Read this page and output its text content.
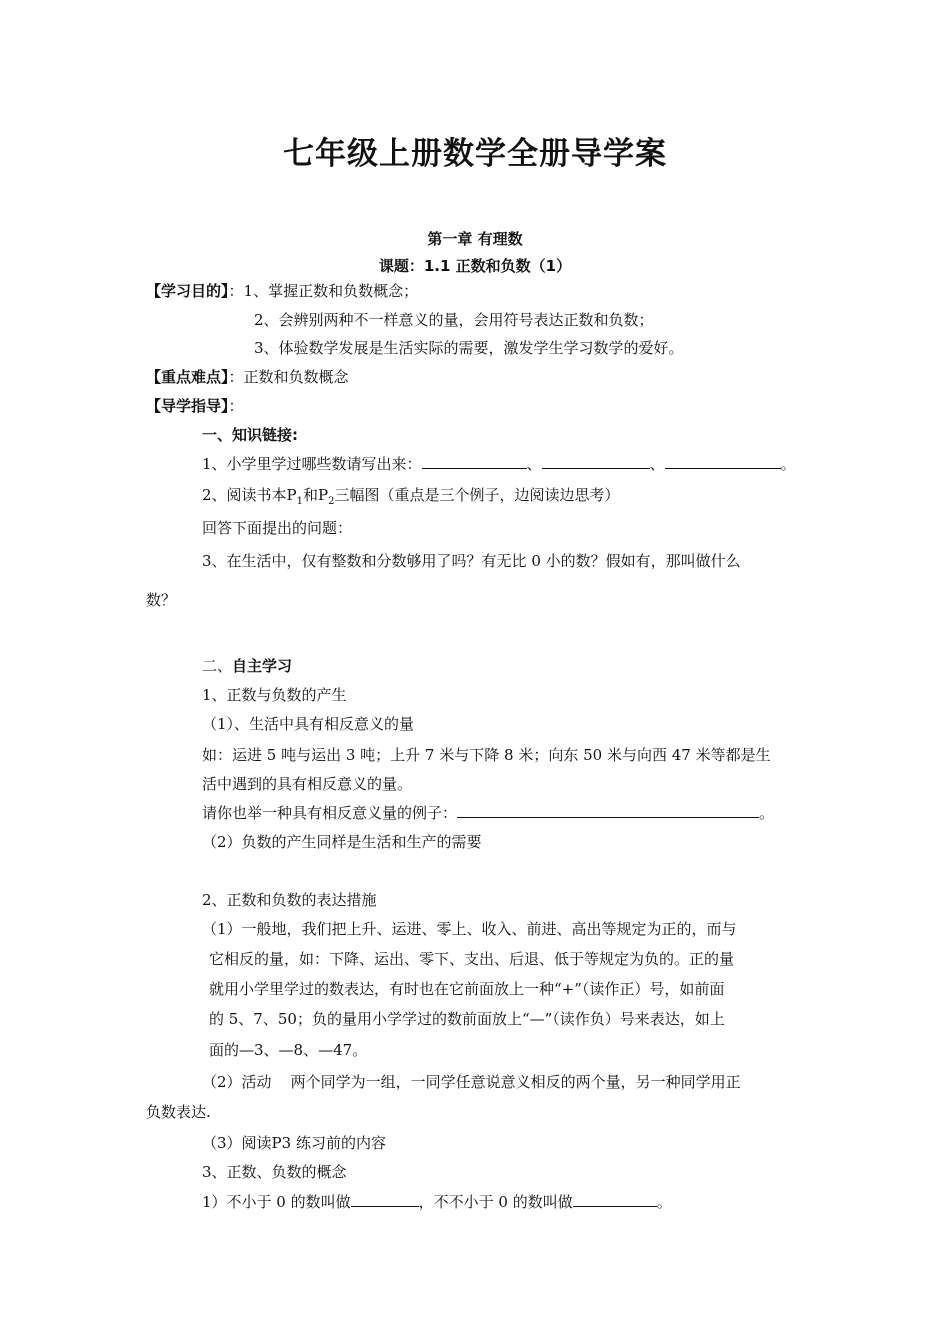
七年级上册数学全册导学案
第一章 有理数
课题：1.1 正数和负数（1）
【学习目的】：1、掌握正数和负数概念；
2、会辨别两种不一样意义的量，会用符号表达正数和负数；
3、体验数学发展是生活实际的需要，激发学生学习数学的爱好。
【重点难点】：正数和负数概念
【导学指导】：
一、知识链接:
1、小学里学过哪些数请写出来：	、	、	。
2、阅读书本$P_1$和$P_2$三幅图（重点是三个例子，边阅读边思考）
回答下面提出的问题：
3、在生活中，仅有整数和分数够用了吗？有无比 0 小的数？假如有，那叫做什么
数？
二、自主学习
1、正数与负数的产生
（1）、生活中具有相反意义的量
如：运进 5 吨与运出 3 吨；上升 7 米与下降 8 米；向东 50 米与向西 47 米等都是生
活中遇到的具有相反意义的量。
请你也举一种具有相反意义量的例子：	。
（2）负数的产生同样是生活和生产的需要
2、正数和负数的表达措施
（1）一般地，我们把上升、运进、零上、收入、前进、高出等规定为正的，而与
它相反的量，如：下降、运出、零下、支出、后退、低于等规定为负的。正的量
就用小学里学过的数表达，有时也在它前面放上一种“+”（读作正）号，如前面
的 5、7、50；负的量用小学学过的数前面放上“—”（读作负）号来表达，如上
面的—3、—8、—47。
（2）活动    两个同学为一组，一同学任意说意义相反的两个量，另一种同学用正
负数表达.
（3）阅读P3 练习前的内容
3、正数、负数的概念
1）不小于 0 的数叫做	，不不小于 0 的数叫做	。
